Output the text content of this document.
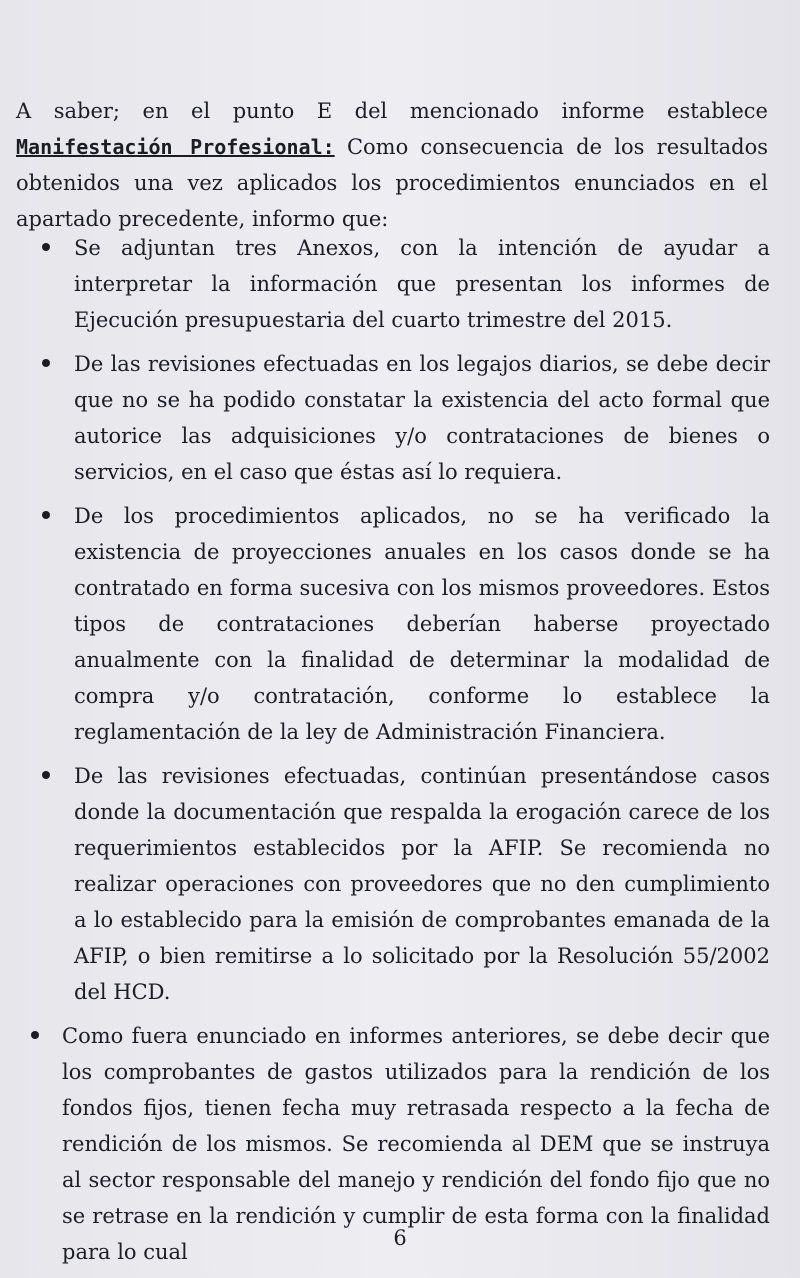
A saber; en el punto E del mencionado informe establece Manifestación Profesional: Como consecuencia de los resultados obtenidos una vez aplicados los procedimientos enunciados en el apartado precedente, informo que:

Se adjuntan tres Anexos, con la intención de ayudar a interpretar la información que presentan los informes de Ejecución presupuestaria del cuarto trimestre del 2015.
De las revisiones efectuadas en los legajos diarios, se debe decir que no se ha podido constatar la existencia del acto formal que autorice las adquisiciones y/o contrataciones de bienes o servicios, en el caso que éstas así lo requiera.
De los procedimientos aplicados, no se ha verificado la existencia de proyecciones anuales en los casos donde se ha contratado en forma sucesiva con los mismos proveedores. Estos tipos de contrataciones deberían haberse proyectado anualmente con la finalidad de determinar la modalidad de compra y/o contratación, conforme lo establece la reglamentación de la ley de Administración Financiera.
De las revisiones efectuadas, continúan presentándose casos donde la documentación que respalda la erogación carece de los requerimientos establecidos por la AFIP. Se recomienda no realizar operaciones con proveedores que no den cumplimiento a lo establecido para la emisión de comprobantes emanada de la AFIP, o bien remitirse a lo solicitado por la Resolución 55/2002 del HCD.
Como fuera enunciado en informes anteriores, se debe decir que los comprobantes de gastos utilizados para la rendición de los fondos fijos, tienen fecha muy retrasada respecto a la fecha de rendición de los mismos. Se recomienda al DEM que se instruya al sector responsable del manejo y rendición del fondo fijo que no se retrase en la rendición y cumplir de esta forma con la finalidad para lo cual
6
